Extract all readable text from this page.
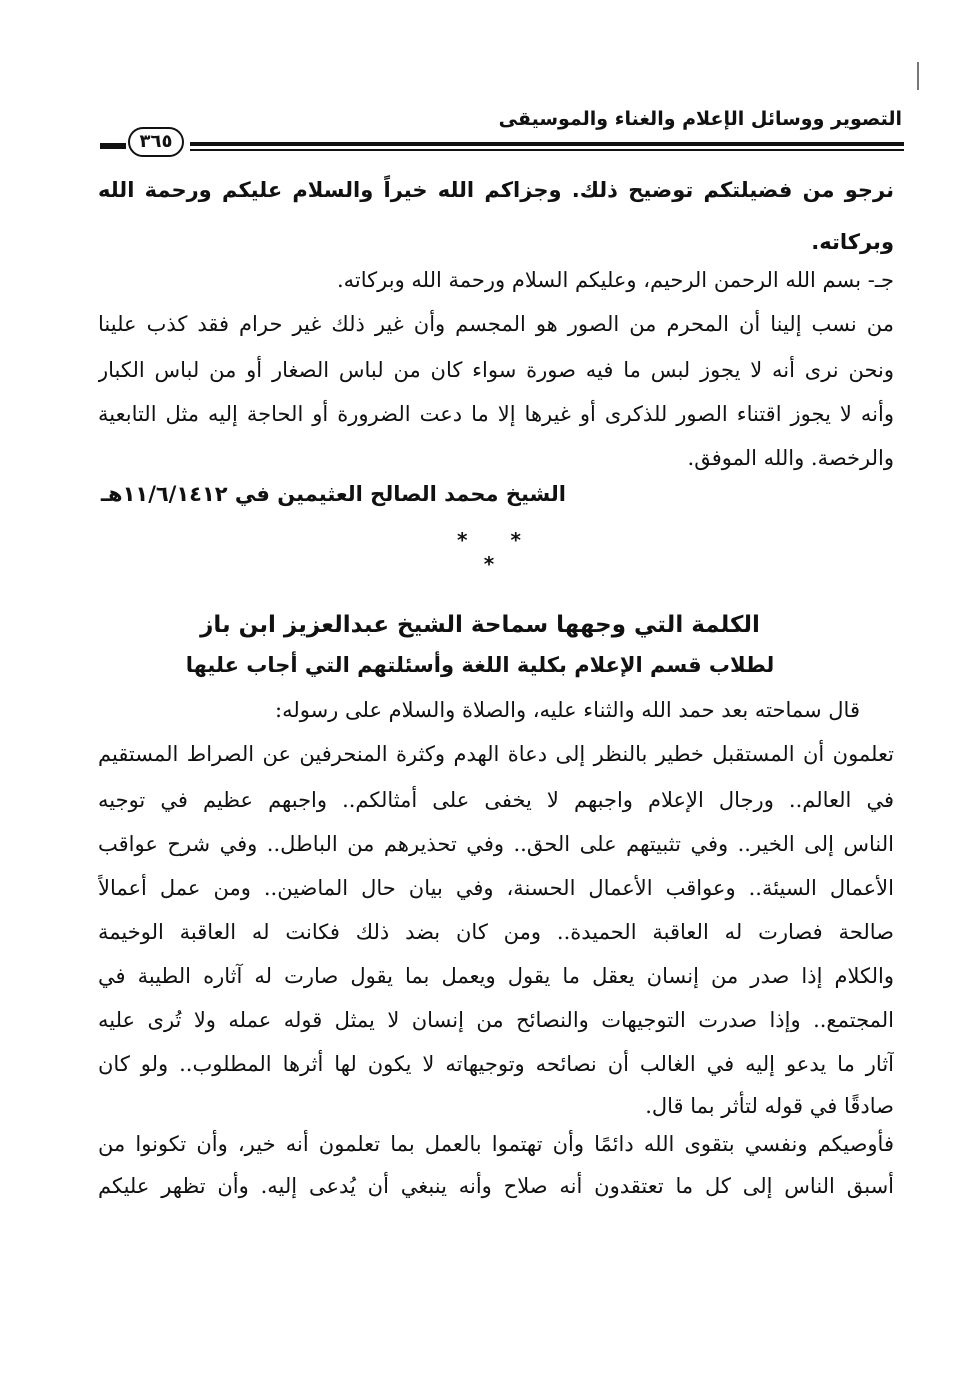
التصوير ووسائل الإعلام والغناء والموسيقى
٣٦٥
نرجو من فضيلتكم توضيح ذلك. وجزاكم الله خيراً والسلام عليكم ورحمة الله
وبركاته.
جـ- بسم الله الرحمن الرحيم، وعليكم السلام ورحمة الله وبركاته.
من نسب إلينا أن المحرم من الصور هو المجسم وأن غير ذلك غير حرام فقد كذب علينا
ونحن نرى أنه لا يجوز لبس ما فيه صورة سواء كان من لباس الصغار أو من لباس الكبار
وأنه لا يجوز اقتناء الصور للذكرى أو غيرها إلا ما دعت الضرورة أو الحاجة إليه مثل التابعية
والرخصة. والله الموفق.
الشيخ محمد الصالح العثيمين في ١١/٦/١٤١٢هـ
* * *
الكلمة التي وجهها سماحة الشيخ عبدالعزيز ابن باز
لطلاب قسم الإعلام بكلية اللغة وأسئلتهم التي أجاب عليها
قال سماحته بعد حمد الله والثناء عليه، والصلاة والسلام على رسوله:
تعلمون أن المستقبل خطير بالنظر إلى دعاة الهدم وكثرة المنحرفين عن الصراط المستقيم
في العالم.. ورجال الإعلام واجبهم لا يخفى على أمثالكم.. واجبهم عظيم في توجيه
الناس إلى الخير.. وفي تثبيتهم على الحق.. وفي تحذيرهم من الباطل.. وفي شرح عواقب
الأعمال السيئة.. وعواقب الأعمال الحسنة، وفي بيان حال الماضين.. ومن عمل أعمالاً
صالحة فصارت له العاقبة الحميدة.. ومن كان بضد ذلك فكانت له العاقبة الوخيمة
والكلام إذا صدر من إنسان يعقل ما يقول ويعمل بما يقول صارت له آثاره الطيبة في
المجتمع.. وإذا صدرت التوجيهات والنصائح من إنسان لا يمثل قوله عمله ولا تُرى عليه
آثار ما يدعو إليه في الغالب أن نصائحه وتوجيهاته لا يكون لها أثرها المطلوب.. ولو كان
صادقًا في قوله لتأثر بما قال.
فأوصيكم ونفسي بتقوى الله دائمًا وأن تهتموا بالعمل بما تعلمون أنه خير، وأن تكونوا من
أسبق الناس إلى كل ما تعتقدون أنه صلاح وأنه ينبغي أن يُدعى إليه. وأن تظهر عليكم
